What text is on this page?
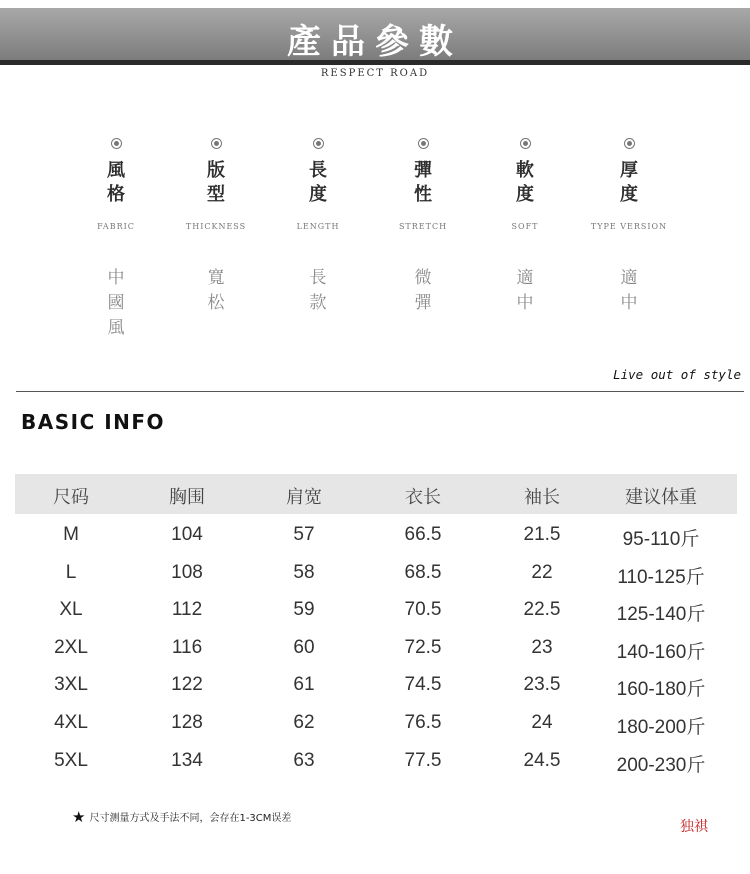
產品參數
RESPECT ROAD
風格
FABRIC
中國風
版型
THICKNESS
寬松
長度
LENGTH
長款
彈性
STRETCH
微彈
軟度
SOFT
適中
厚度
TYPE VERSION
適中
Live out of style
BASIC INFO
尺码	胸围	肩宽	衣长	袖长	建议体重
M	104	57	66.5	21.5	95-110斤
L	108	58	68.5	22	110-125斤
XL	112	59	70.5	22.5	125-140斤
2XL	116	60	72.5	23	140-160斤
3XL	122	61	74.5	23.5	160-180斤
4XL	128	62	76.5	24	180-200斤
5XL	134	63	77.5	24.5	200-230斤
★ 尺寸测量方式及手法不同，会存在1-3CM误差
独祺
